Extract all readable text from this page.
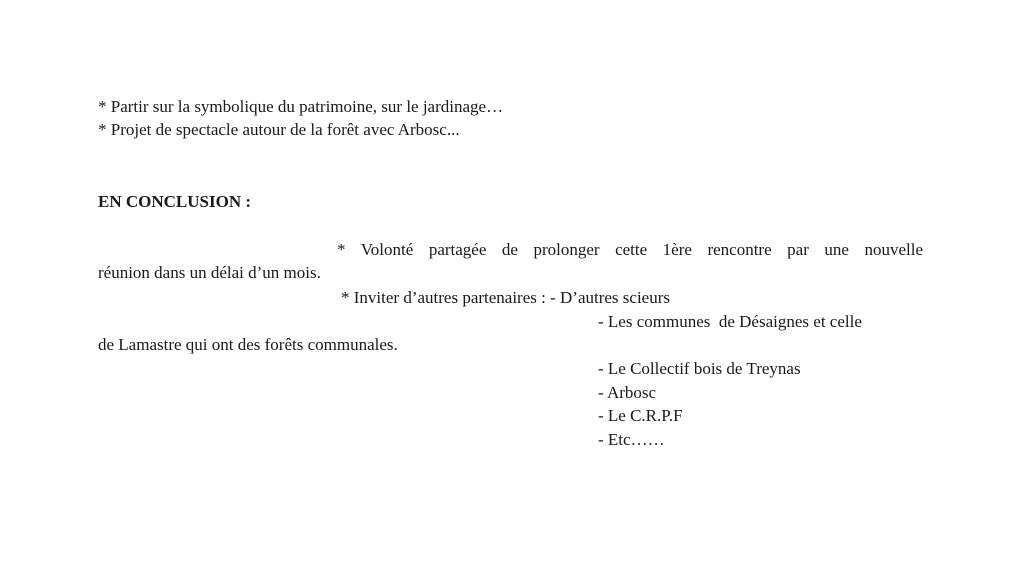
* Partir sur la symbolique du patrimoine, sur le jardinage…
* Projet de spectacle autour de la forêt avec Arbosc...
EN CONCLUSION :
* Volonté partagée de prolonger cette 1ère rencontre par une nouvelle
réunion dans un délai d’un mois.
* Inviter d’autres partenaires : - D’autres scieurs
- Les communes  de Désaignes et celle
de Lamastre qui ont des forêts communales.
- Le Collectif bois de Treynas
- Arbosc
- Le C.R.P.F
- Etc……
